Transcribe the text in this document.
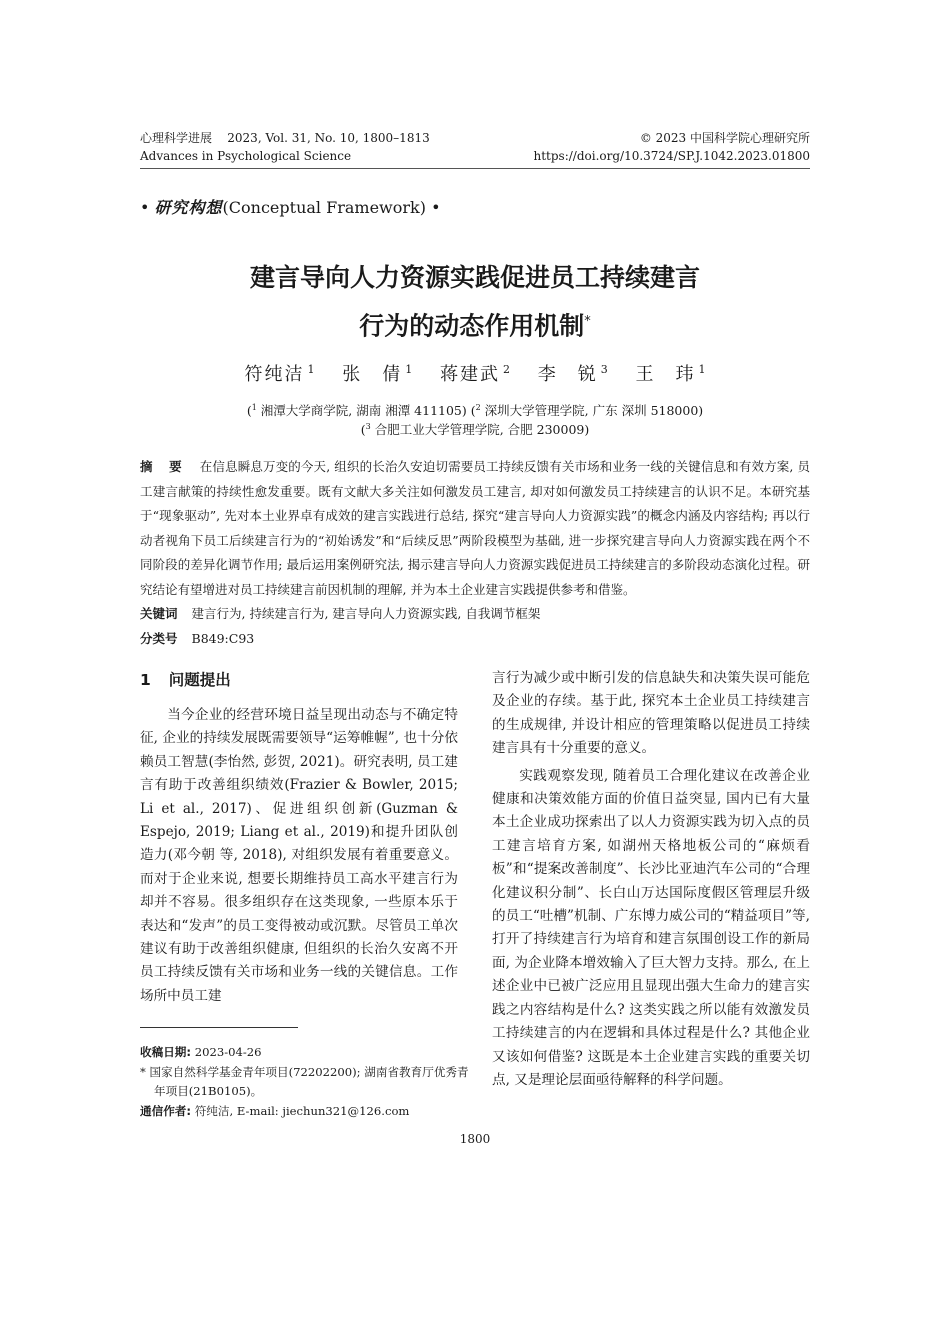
心理科学进展 2023, Vol. 31, No. 10, 1800–1813
Advances in Psychological Science
© 2023 中国科学院心理研究所
https://doi.org/10.3724/SP.J.1042.2023.01800
• 研究构想(Conceptual Framework) •
建言导向人力资源实践促进员工持续建言
行为的动态作用机制*
符纯洁 $^1$ 张　倩 $^1$ 蒋建武 $^2$ 李　锐 $^3$ 王　玮 $^1$
($^1$ 湘潭大学商学院, 湖南 湘潭 411105) ($^2$ 深圳大学管理学院, 广东 深圳 518000)
($^3$ 合肥工业大学管理学院, 合肥 230009)

摘 要 在信息瞬息万变的今天, 组织的长治久安迫切需要员工持续反馈有关市场和业务一线的关键信息和有效方案, 员工建言献策的持续性愈发重要。既有文献大多关注如何激发员工建言, 却对如何激发员工持续建言的认识不足。本研究基于“现象驱动”, 先对本土业界卓有成效的建言实践进行总结, 探究“建言导向人力资源实践”的概念内涵及内容结构; 再以行动者视角下员工后续建言行为的“初始诱发”和“后续反思”两阶段模型为基础, 进一步探究建言导向人力资源实践在两个不同阶段的差异化调节作用; 最后运用案例研究法, 揭示建言导向人力资源实践促进员工持续建言的多阶段动态演化过程。研究结论有望增进对员工持续建言前因机制的理解, 并为本土企业建言实践提供参考和借鉴。

关键词 建言行为, 持续建言行为, 建言导向人力资源实践, 自我调节框架

分类号 B849:C93

1 问题提出

当今企业的经营环境日益呈现出动态与不确定特征, 企业的持续发展既需要领导“运筹帷幄”, 也十分依赖员工智慧(李怡然, 彭贺, 2021)。研究表明, 员工建言有助于改善组织绩效(Frazier & Bowler, 2015; Li et al., 2017)、促进组织创新(Guzman & Espejo, 2019; Liang et al., 2019)和提升团队创造力(邓今朝 等, 2018), 对组织发展有着重要意义。而对于企业来说, 想要长期维持员工高水平建言行为却并不容易。很多组织存在这类现象, 一些原本乐于表达和“发声”的员工变得被动或沉默。尽管员工单次建议有助于改善组织健康, 但组织的长治久安离不开员工持续反馈有关市场和业务一线的关键信息。工作场所中员工建

言行为减少或中断引发的信息缺失和决策失误可能危及企业的存续。基于此, 探究本土企业员工持续建言的生成规律, 并设计相应的管理策略以促进员工持续建言具有十分重要的意义。

实践观察发现, 随着员工合理化建议在改善企业健康和决策效能方面的价值日益突显, 国内已有大量本土企业成功探索出了以人力资源实践为切入点的员工建言培育方案, 如湖州天格地板公司的“麻烦看板”和“提案改善制度”、长沙比亚迪汽车公司的“合理化建议积分制”、长白山万达国际度假区管理层升级的员工“吐槽”机制、广东博力威公司的“精益项目”等, 打开了持续建言行为培育和建言氛围创设工作的新局面, 为企业降本增效输入了巨大智力支持。那么, 在上述企业中已被广泛应用且显现出强大生命力的建言实践之内容结构是什么? 这类实践之所以能有效激发员工持续建言的内在逻辑和具体过程是什么? 其他企业又该如何借鉴? 这既是本土企业建言实践的重要关切点, 又是理论层面亟待解释的科学问题。

收稿日期: 2023-04-26

* 国家自然科学基金青年项目(72202200); 湖南省教育厅优秀青年项目(21B0105)。

通信作者: 符纯洁, E-mail: jiechun321@126.com

1800
